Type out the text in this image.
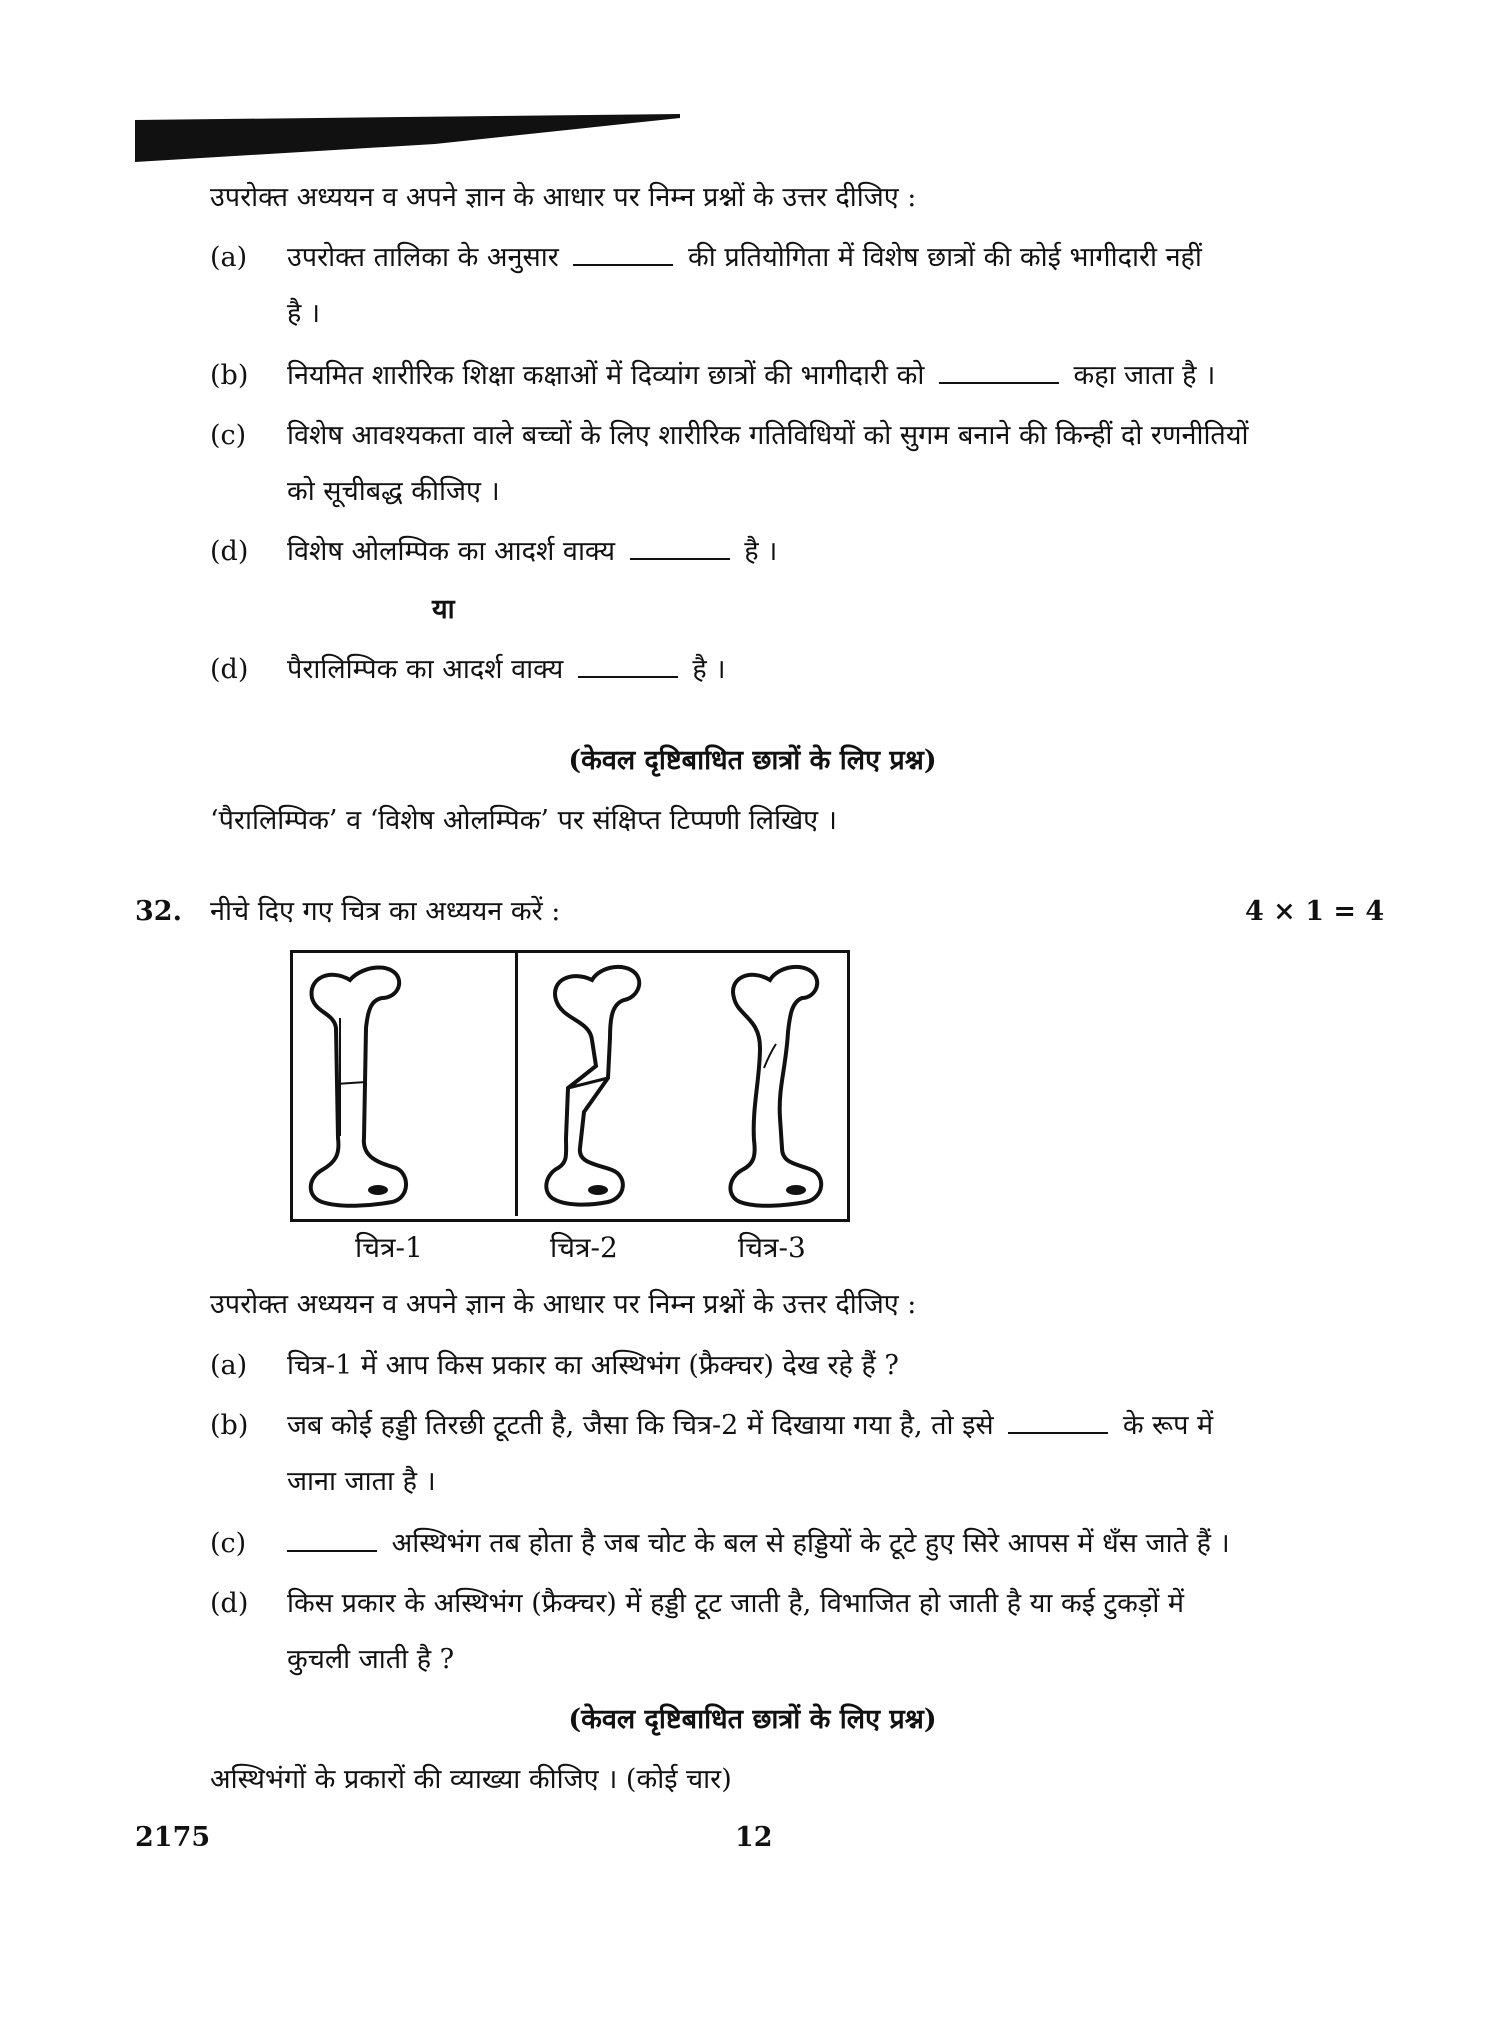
उपरोक्त अध्ययन व अपने ज्ञान के आधार पर निम्न प्रश्नों के उत्तर दीजिए :
(a) उपरोक्त तालिका के अनुसार	की प्रतियोगिता में विशेष छात्रों की कोई भागीदारी नहीं
है ।
(b) नियमित शारीरिक शिक्षा कक्षाओं में दिव्यांग छात्रों की भागीदारी को	कहा जाता है ।
(c) विशेष आवश्यकता वाले बच्चों के लिए शारीरिक गतिविधियों को सुगम बनाने की किन्हीं दो रणनीतियों
को सूचीबद्ध कीजिए ।
(d) विशेष ओलम्पिक का आदर्श वाक्य	है ।
या
(d) पैरालिम्पिक का आदर्श वाक्य	है ।
(केवल दृष्टिबाधित छात्रों के लिए प्रश्न)
‘पैरालिम्पिक’ व ‘विशेष ओलम्पिक’ पर संक्षिप्त टिप्पणी लिखिए ।
32. नीचे दिए गए चित्र का अध्ययन करें :	4 × 1 = 4
चित्र-1	चित्र-2	चित्र-3
उपरोक्त अध्ययन व अपने ज्ञान के आधार पर निम्न प्रश्नों के उत्तर दीजिए :
(a) चित्र-1 में आप किस प्रकार का अस्थिभंग (फ्रैक्चर) देख रहे हैं ?
(b) जब कोई हड्डी तिरछी टूटती है, जैसा कि चित्र-2 में दिखाया गया है, तो इसे	के रूप में
जाना जाता है ।
(c)	अस्थिभंग तब होता है जब चोट के बल से हड्डियों के टूटे हुए सिरे आपस में धँस जाते हैं ।
(d) किस प्रकार के अस्थिभंग (फ्रैक्चर) में हड्डी टूट जाती है, विभाजित हो जाती है या कई टुकड़ों में
कुचली जाती है ?
(केवल दृष्टिबाधित छात्रों के लिए प्रश्न)
अस्थिभंगों के प्रकारों की व्याख्या कीजिए । (कोई चार)
2175	12
